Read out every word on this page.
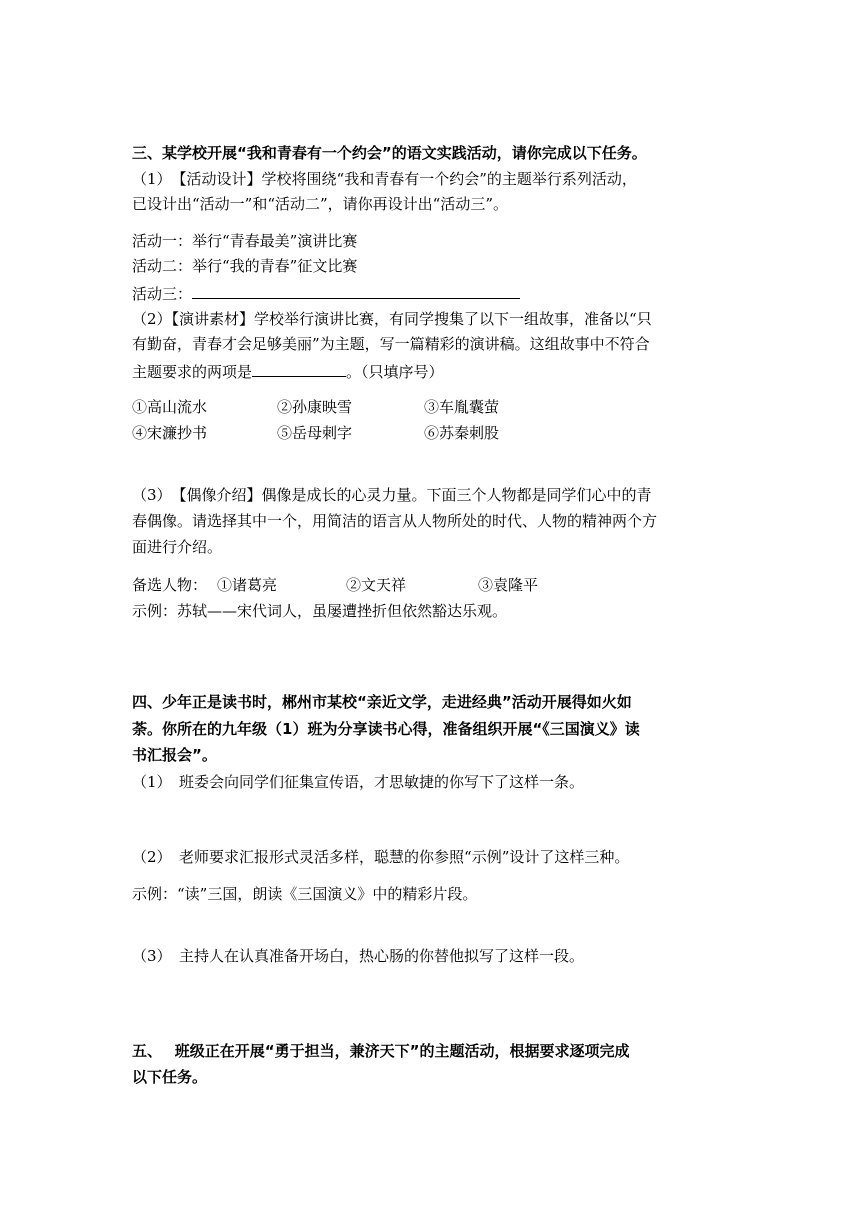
三、某学校开展“我和青春有一个约会”的语文实践活动，请你完成以下任务。
（1）　【活动设计】学校将围绕“我和青春有一个约会”的主题举行系列活动，
已设计出“活动一”和“活动二”，请你再设计出“活动三”。
活动一：举行“青春最美”演讲比赛
活动二：举行“我的青春”征文比赛
活动三：
（2）【演讲素材】学校举行演讲比赛，有同学搜集了以下一组故事，准备以“只
有勤奋，青春才会足够美丽”为主题，写一篇精彩的演讲稿。这组故事中不符合
主题要求的两项是	。（只填序号）
①高山流水	②孙康映雪	③车胤囊萤
④宋濂抄书	⑤岳母刺字	⑥苏秦刺股
（3）　【偶像介绍】偶像是成长的心灵力量。下面三个人物都是同学们心中的青
春偶像。请选择其中一个，用简洁的语言从人物所处的时代、人物的精神两个方
面进行介绍。
备选人物： ①诸葛亮	②文天祥	③袁隆平
示例：苏轼——宋代词人，虽屡遭挫折但依然豁达乐观。
四、少年正是读书时，郴州市某校“亲近文学，走进经典”活动开展得如火如
荼。你所在的九年级（1）班为分享读书心得，准备组织开展“《三国演义》读
书汇报会”。
（1）　班委会向同学们征集宣传语，才思敏捷的你写下了这样一条。
（2）　老师要求汇报形式灵活多样，聪慧的你参照“示例”设计了这样三种。
示例：“读”三国，朗读《三国演义》中的精彩片段。
（3）　主持人在认真准备开场白，热心肠的你替他拟写了这样一段。
五、　 班级正在开展“勇于担当，兼济天下”的主题活动，根据要求逐项完成
以下任务。
